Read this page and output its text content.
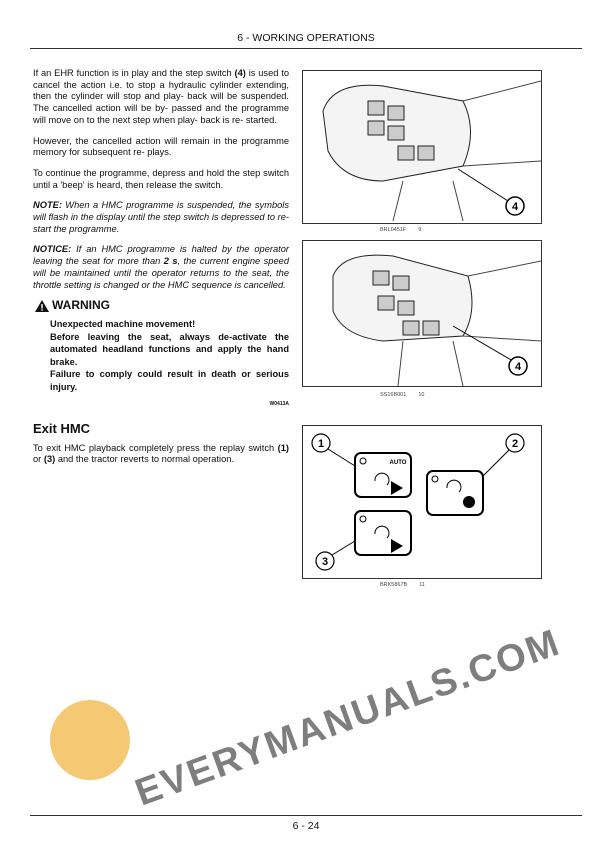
6 - WORKING OPERATIONS

If an EHR function is in play and the step switch (4) is used to cancel the action i.e. to stop a hydraulic cylinder extending, then the cylinder will stop and play- back will be suspended. The cancelled action will be by- passed and the programme will move on to the next step when play- back is re- started.

However, the cancelled action will remain in the programme memory for subsequent re- plays.

To continue the programme, depress and hold the step switch until a 'beep' is heard, then release the switch.

NOTE: When a HMC programme is suspended, the symbols will flash in the display until the step switch is depressed to re- start the programme.

NOTICE: If an HMC programme is halted by the operator leaving the seat for more than 2 s, the current engine speed will be maintained until the operator returns to the seat, the throttle setting is changed or the HMC sequence is cancelled.

WARNING
Unexpected machine movement!
Before leaving the seat, always de-activate the automated headland functions and apply the hand brake.
Failure to comply could result in death or serious injury.
W0413A
Exit HMC

To exit HMC playback completely press the replay switch (1) or (3) and the tractor reverts to normal operation.

4
BRL0451F 9
4
SS16B001 10
AUTO
1	2
3
BRK5867B 11
EVERYMANUALS.COM
6 - 24
